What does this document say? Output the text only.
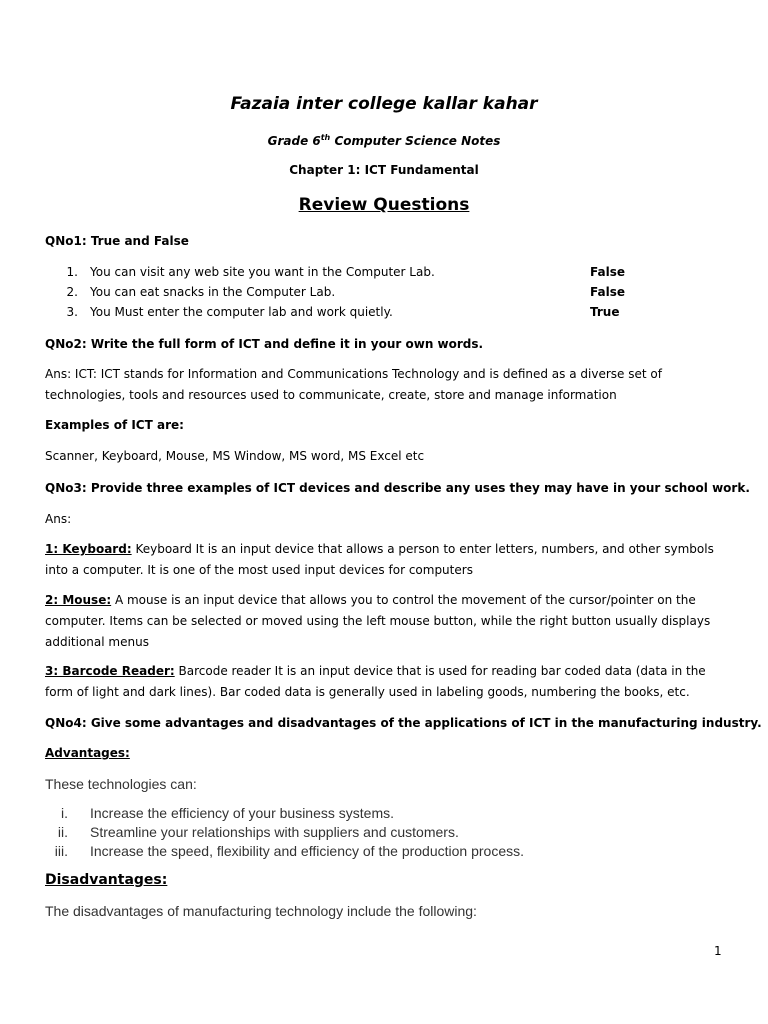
Fazaia inter college kallar kahar
Grade 6th Computer Science Notes
Chapter 1: ICT Fundamental
Review Questions
QNo1: True and False
1. You can visit any web site you want in the Computer Lab.	False
2. You can eat snacks in the Computer Lab.	False
3. You Must enter the computer lab and work quietly.	True
QNo2: Write the full form of ICT and define it in your own words.
Ans: ICT: ICT stands for Information and Communications Technology and is defined as a diverse set of technologies, tools and resources used to communicate, create, store and manage information
Examples of ICT are:
Scanner, Keyboard, Mouse, MS Window, MS word, MS Excel etc
QNo3: Provide three examples of ICT devices and describe any uses they may have in your school work.
Ans:
1: Keyboard: Keyboard It is an input device that allows a person to enter letters, numbers, and other symbols into a computer. It is one of the most used input devices for computers
2: Mouse: A mouse is an input device that allows you to control the movement of the cursor/pointer on the computer. Items can be selected or moved using the left mouse button, while the right button usually displays additional menus
3: Barcode Reader: Barcode reader It is an input device that is used for reading bar coded data (data in the form of light and dark lines). Bar coded data is generally used in labeling goods, numbering the books, etc.
QNo4: Give some advantages and disadvantages of the applications of ICT in the manufacturing industry.
Advantages:
These technologies can:
i. Increase the efficiency of your business systems.
ii. Streamline your relationships with suppliers and customers.
iii. Increase the speed, flexibility and efficiency of the production process.
Disadvantages:
The disadvantages of manufacturing technology include the following:
1
